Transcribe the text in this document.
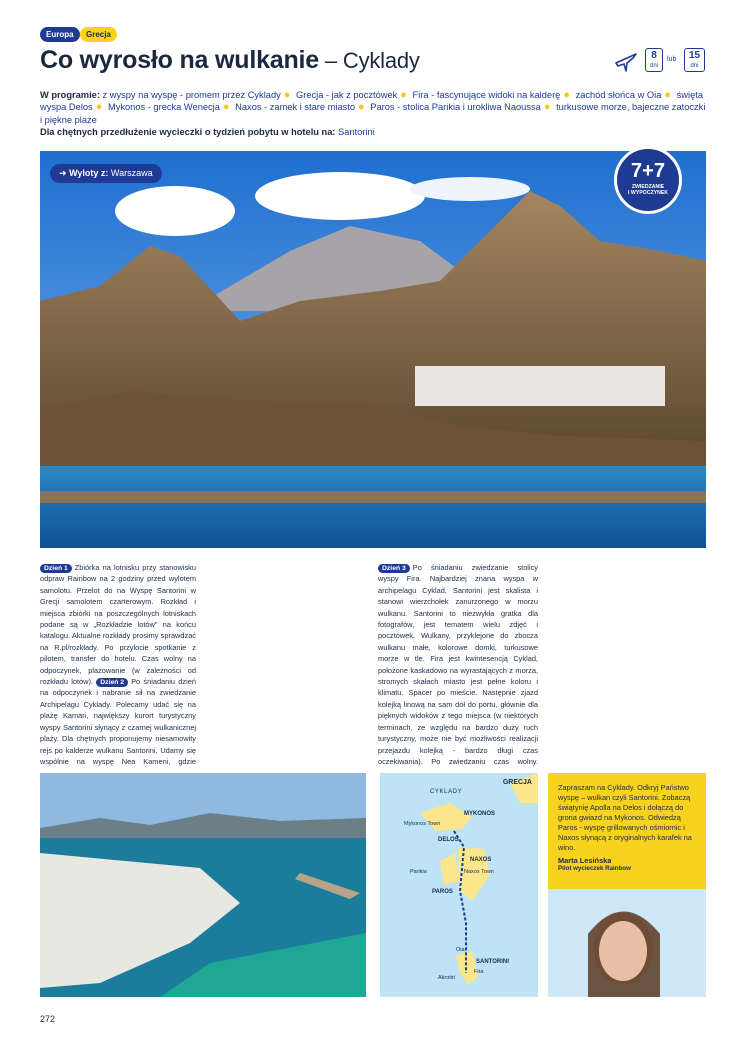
Europa Grecja
Co wyrosło na wulkanie – Cyklady	8
dni
lub	15
dni
W programie: z wyspy na wyspę - promem przez Cyklady ● Grecja - jak z pocztówek ● Fira - fascynujące widoki na kalderę ● zachód słońca w Oia ● święta wyspa Delos ● Mykonos - grecka Wenecja ● Naxos - zamek i stare miasto ● Paros - stolica Parikia i urokliwa Naoussa ● turkusowe morze, bajeczne zatoczki i piękne plaże
Dla chętnych przedłużenie wycieczki o tydzień pobytu w hotelu na: Santorini
➜ Wyloty z: Warszawa	7+7
ZWIEDZANIE
I WYPOCZYNEK
Dzień 1 Zbiórka na lotnisku przy stanowisku odpraw Rainbow na 2 godziny przed wylotem samolotu. Przelot do na Wyspę Santorini w Grecji samolotem czarterowym. Rozkład i miejsca zbiórki na poszczególnych lotniskach podane są w „Rozkładzie lotów" na końcu katalogu. Aktualne rozkłady prosimy sprawdzać na R.pl/rozkłady. Po przylocie spotkanie z pilotem, transfer do hotelu. Czas wolny na odpoczynek, plażowanie (w zależności od rozkładu lotów). Dzień 2 Po śniadaniu dzień na odpoczynek i nabranie sił na zwiedzanie Archipelagu Cyklady. Polecamy udać się na plażę Kamari, największy kurort turystyczny wyspy Santorini słynący z czarnej wulkanicznej plaży. Dla chętnych proponujemy niesamowity rejs po kalderze wulkanu Santorini. Udamy się wspólnie na wyspę Nea Kameni, gdzie
Dzień 3 Po śniadaniu zwiedzanie stolicy wyspy Fira. Najbardziej znana wyspa w archipelagu Cyklad, Santorini jest skalista i stanowi wierzchołek zanurzonego w morzu wulkanu. Santorini to niezwykła gratka dla fotografów, jest tematem wielu zdjęć i pocztówek. Wulkany, przyklejone do zbocza wulkanu małe, kolorowe domki, turkusowe morze w tle. Fira jest kwintesencją Cyklad, położone kaskadowo na wyrastających z morza, stromych skałach miasto jest pełne koloru i klimatu. Spacer po mieście. Następnie zjazd kolejką linową na sam dół do portu, głównie dla pięknych widoków z tego miejsca (w niektórych terminach, ze względu na bardzo duży ruch turystyczny, może nie być możliwości realizacji przejazdu kolejką - bardzo długi czas oczekiwania). Po zwiedzaniu czas wolny.
GRECJA
CYKLADY
MYKONOS
Mykonos Town
DELOS
NAXOS
Naxos Town
Parikia
PAROS
Oia
SANTORINI
Fira
Akrotiri
Zapraszam na Cyklady. Odkryj Państwo wyspę – wulkan czyli Santorini. Zobaczą świątynię Apolla na Delos i dołączą do grona gwiazd na Mykonos. Odwiedzą Paros - wyspę grillowanych ośmiornic i Naxos słynącą z oryginalnych karafek na wino.
Marta Lesińska
Pilot wycieczek Rainbow
272
